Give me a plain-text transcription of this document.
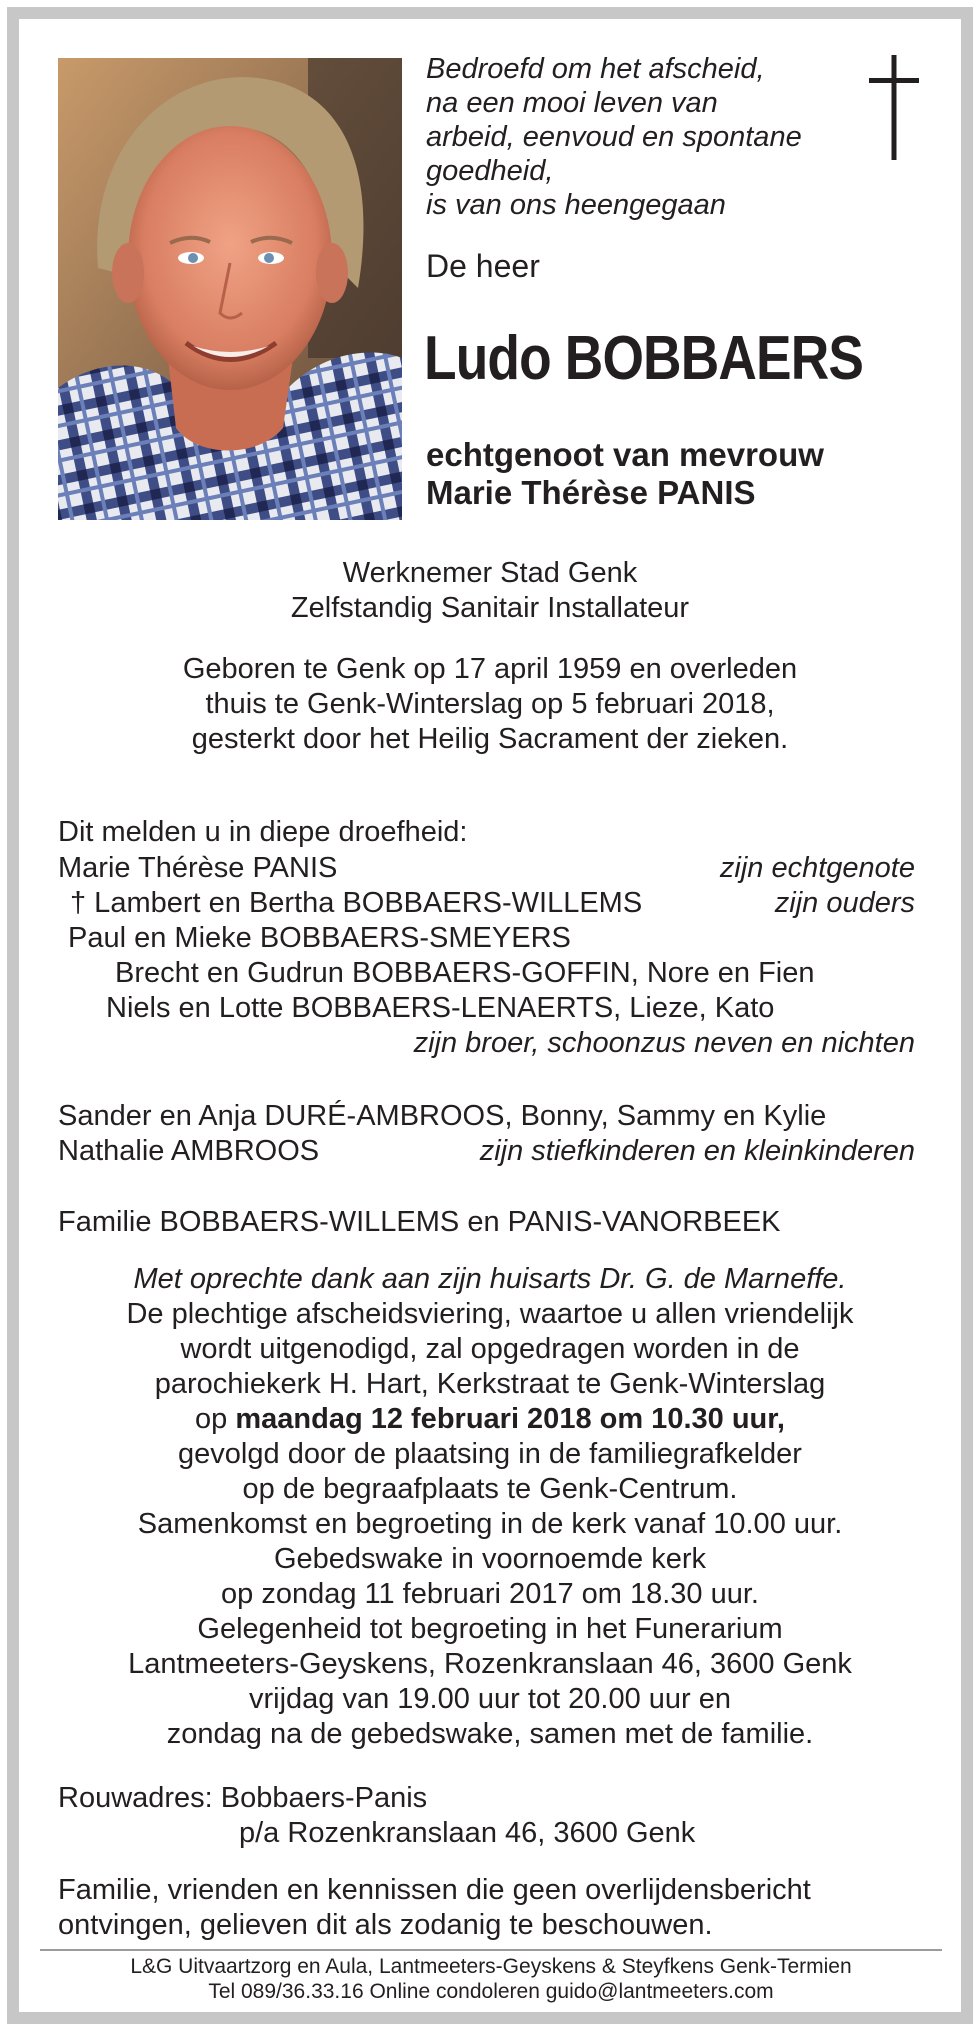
Bedroefd om het afscheid,
na een mooi leven van
arbeid, eenvoud en spontane
goedheid,
is van ons heengegaan
De heer
Ludo BOBBAERS
echtgenoot van mevrouw
Marie Thérèse PANIS
Werknemer Stad Genk
Zelfstandig Sanitair Installateur
Geboren te Genk op 17 april 1959 en overleden
thuis te Genk-Winterslag op 5 februari 2018,
gesterkt door het Heilig Sacrament der zieken.
Dit melden u in diepe droefheid:
Marie Thérèse PANIS	zijn echtgenote
† Lambert en Bertha BOBBAERS-WILLEMS	zijn ouders
Paul en Mieke BOBBAERS-SMEYERS
Brecht en Gudrun BOBBAERS-GOFFIN, Nore en Fien
Niels en Lotte BOBBAERS-LENAERTS, Lieze, Kato
zijn broer, schoonzus neven en nichten
Sander en Anja DURÉ-AMBROOS, Bonny, Sammy en Kylie
Nathalie AMBROOS	zijn stiefkinderen en kleinkinderen
Familie BOBBAERS-WILLEMS en PANIS-VANORBEEK
Met oprechte dank aan zijn huisarts Dr. G. de Marneffe.
De plechtige afscheidsviering, waartoe u allen vriendelijk
wordt uitgenodigd, zal opgedragen worden in de
parochiekerk H. Hart, Kerkstraat te Genk-Winterslag
op maandag 12 februari 2018 om 10.30 uur,
gevolgd door de plaatsing in de familiegrafkelder
op de begraafplaats te Genk-Centrum.
Samenkomst en begroeting in de kerk vanaf 10.00 uur.
Gebedswake in voornoemde kerk
op zondag 11 februari 2017 om 18.30 uur.
Gelegenheid tot begroeting in het Funerarium
Lantmeeters-Geyskens, Rozenkranslaan 46, 3600 Genk
vrijdag van 19.00 uur tot 20.00 uur en
zondag na de gebedswake, samen met de familie.
Rouwadres: Bobbaers-Panis
p/a Rozenkranslaan 46, 3600 Genk
Familie, vrienden en kennissen die geen overlijdensbericht
ontvingen, gelieven dit als zodanig te beschouwen.
L&G Uitvaartzorg en Aula, Lantmeeters-Geyskens & Steyfkens Genk-Termien
Tel 089/36.33.16 Online condoleren guido@lantmeeters.com
